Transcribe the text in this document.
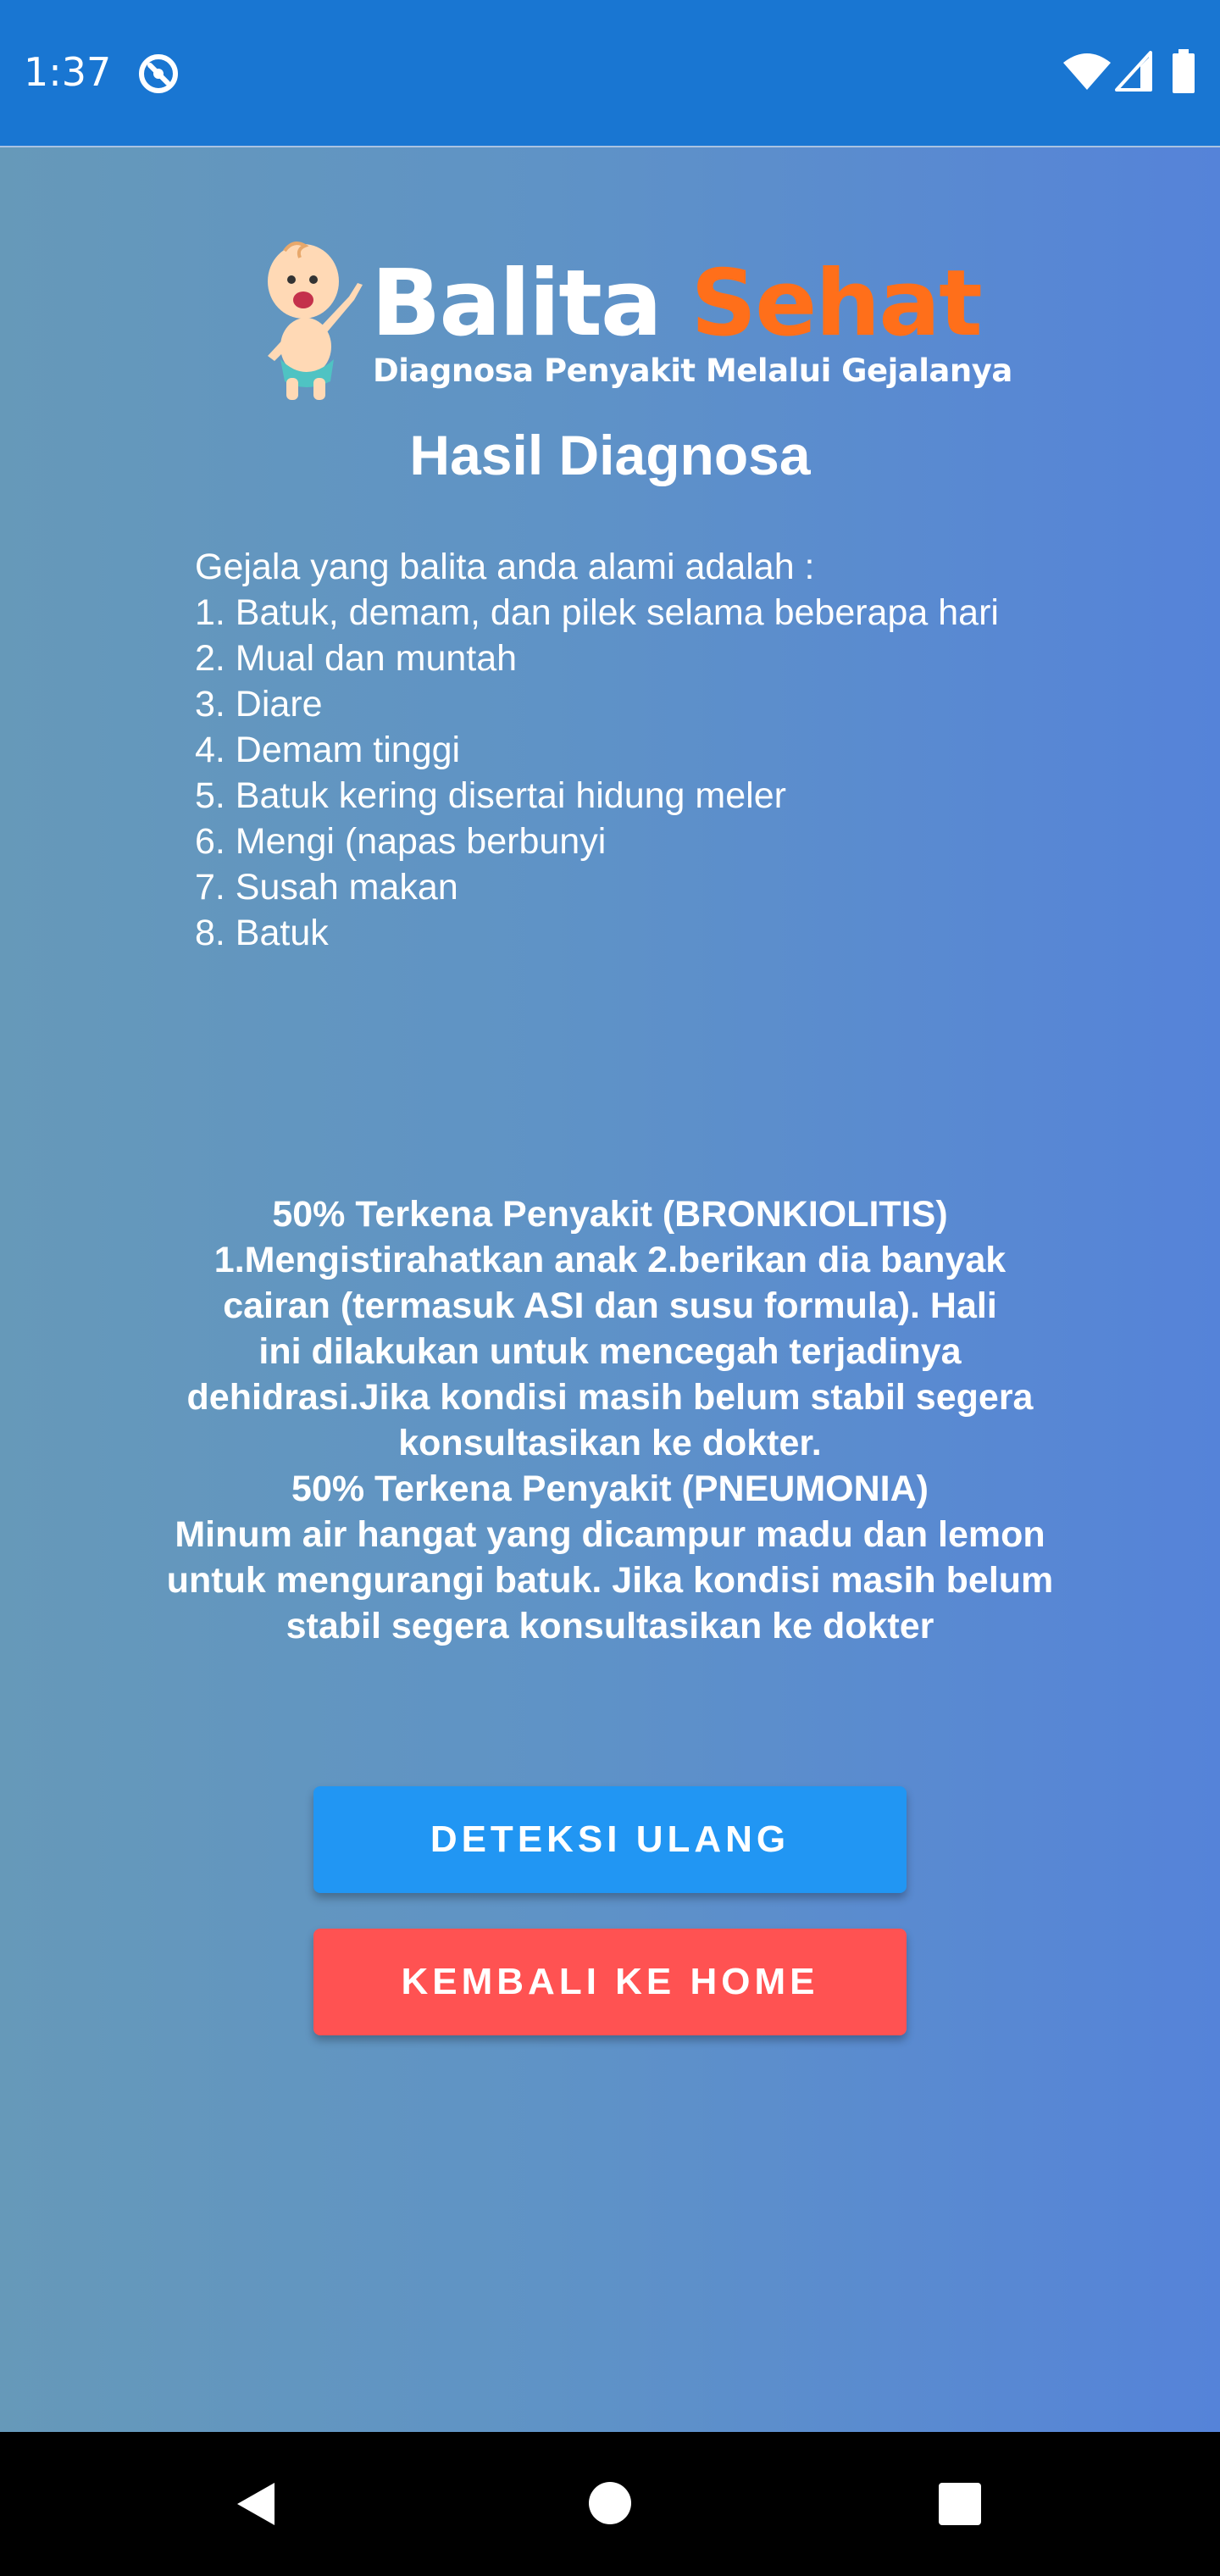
1:37
Balita Sehat
Diagnosa Penyakit Melalui Gejalanya
Hasil Diagnosa
Gejala yang balita anda alami adalah :
1. Batuk, demam, dan pilek selama beberapa hari
2. Mual dan muntah
3. Diare
4. Demam tinggi
5. Batuk kering disertai hidung meler
6. Mengi (napas berbunyi
7. Susah makan
8. Batuk

50% Terkena Penyakit (BRONKIOLITIS)

1.Mengistirahatkan anak 2.berikan dia banyak
cairan (termasuk ASI dan susu formula). Hali
ini dilakukan untuk mencegah terjadinya
dehidrasi.Jika kondisi masih belum stabil segera
konsultasikan ke dokter.

50% Terkena Penyakit (PNEUMONIA)

Minum air hangat yang dicampur madu dan lemon
untuk mengurangi batuk. Jika kondisi masih belum
stabil segera konsultasikan ke dokter

DETEKSI ULANG
KEMBALI KE HOME
